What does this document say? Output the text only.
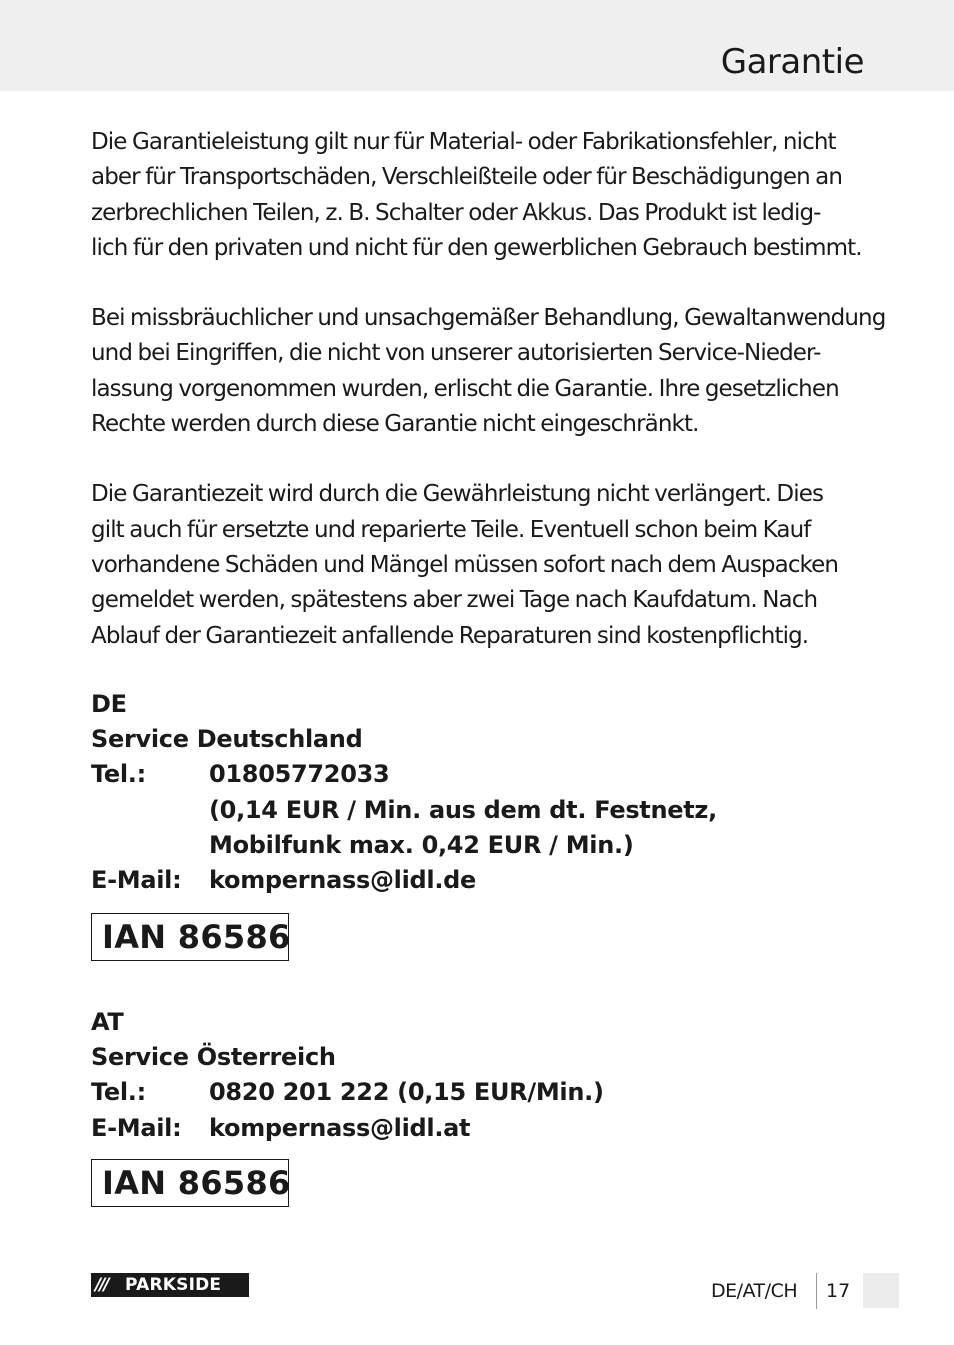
Garantie

Die Garantieleistung gilt nur für Material- oder Fabrikationsfehler, nicht
aber für Transportschäden, Verschleißteile oder für Beschädigungen an
zerbrechlichen Teilen, z. B. Schalter oder Akkus. Das Produkt ist ledig-
lich für den privaten und nicht für den gewerblichen Gebrauch bestimmt.

Bei missbräuchlicher und unsachgemäßer Behandlung, Gewaltanwendung
und bei Eingriffen, die nicht von unserer autorisierten Service-Nieder-
lassung vorgenommen wurden, erlischt die Garantie. Ihre gesetzlichen
Rechte werden durch diese Garantie nicht eingeschränkt.

Die Garantiezeit wird durch die Gewährleistung nicht verlängert. Dies
gilt auch für ersetzte und reparierte Teile. Eventuell schon beim Kauf
vorhandene Schäden und Mängel müssen sofort nach dem Auspacken
gemeldet werden, spätestens aber zwei Tage nach Kaufdatum. Nach
Ablauf der Garantiezeit anfallende Reparaturen sind kostenpflichtig.

DE
Service Deutschland
Tel.:	01805772033
(0,14 EUR / Min. aus dem dt. Festnetz,
Mobilfunk max. 0,42 EUR / Min.)
E-Mail:	kompernass@lidl.de
IAN 86586
AT
Service Österreich
Tel.:	0820 201 222 (0,15 EUR/Min.)
E-Mail:	kompernass@lidl.at
IAN 86586
///	PARKSIDE	DE/AT/CH 17
